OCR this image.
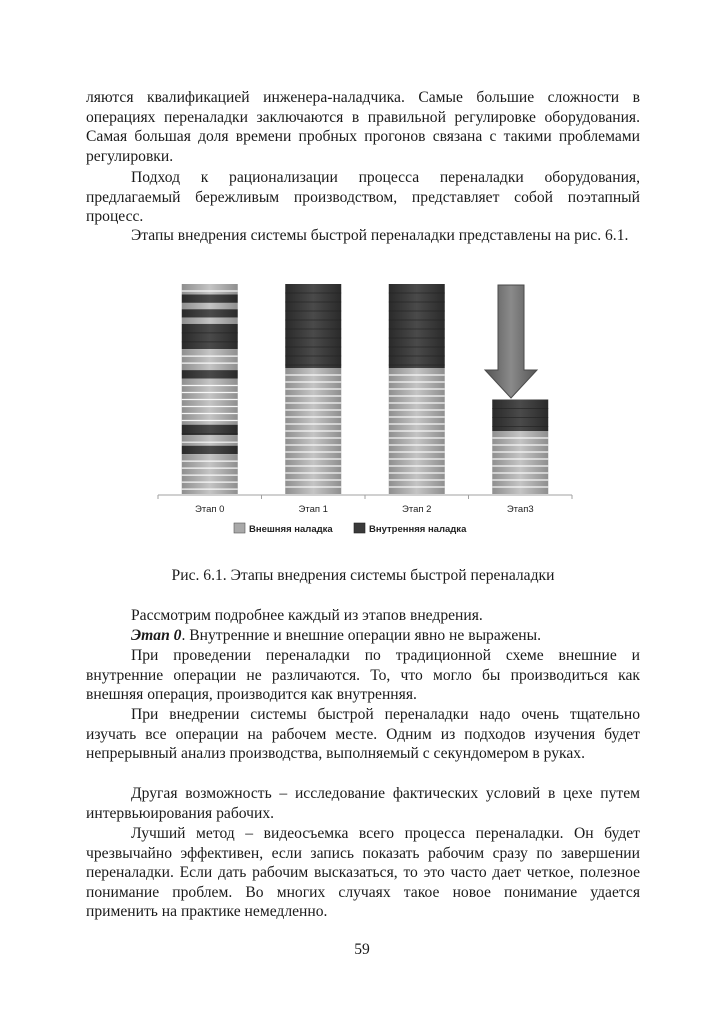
ляются квалификацией инженера-наладчика. Самые большие сложности в операциях переналадки заключаются в правильной регулировке оборудования. Самая большая доля времени пробных прогонов связана с такими проблемами регулировки.

Подход к рационализации процесса переналадки оборудования, предлагаемый бережливым производством, представляет собой поэтапный процесс.

Этапы внедрения системы быстрой переналадки представлены на рис. 6.1.

Этап 0	Этап 1	Этап 2	Этап3
Внешняя наладка	Внутренняя наладка
Рис. 6.1. Этапы внедрения системы быстрой переналадки

Рассмотрим подробнее каждый из этапов внедрения.

Этап 0. Внутренние и внешние операции явно не выражены.

При проведении переналадки по традиционной схеме внешние и внутренние операции не различаются. То, что могло бы производиться как внешняя операция, производится как внутренняя.

При внедрении системы быстрой переналадки надо очень тщательно изучать все операции на рабочем месте. Одним из подходов изучения будет непрерывный анализ производства, выполняемый с секундомером в руках.

Другая возможность – исследование фактических условий в цехе путем интервьюирования рабочих.

Лучший метод – видеосъемка всего процесса переналадки. Он будет чрезвычайно эффективен, если запись показать рабочим сразу по завершении переналадки. Если дать рабочим высказаться, то это часто дает четкое, полезное понимание проблем. Во многих случаях такое новое понимание удается применить на практике немедленно.

59
